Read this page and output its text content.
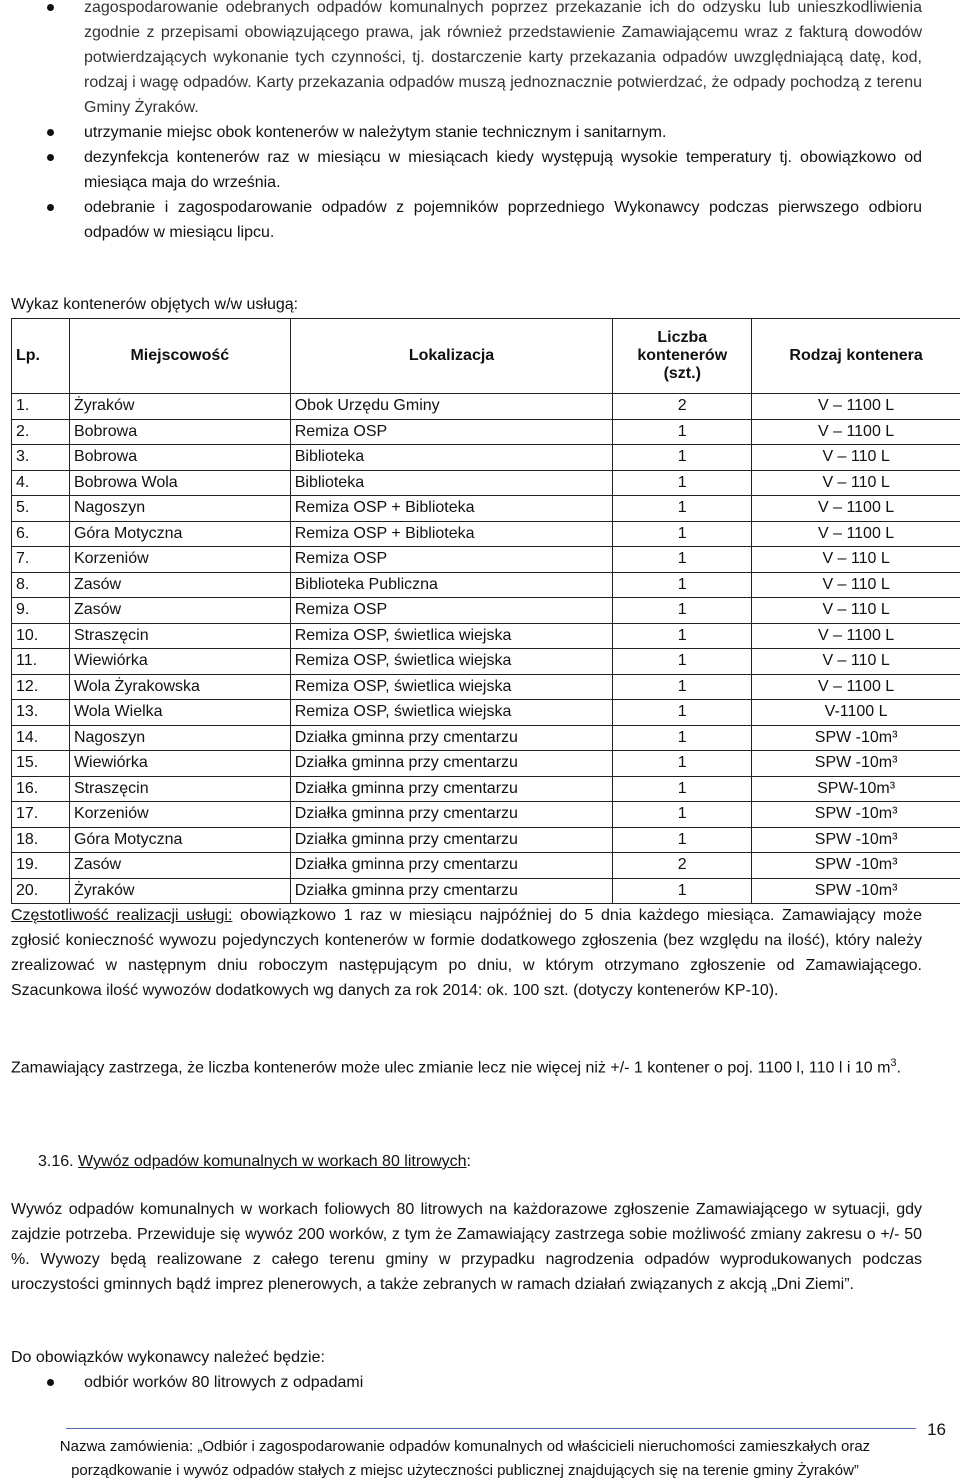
zagospodarowanie odebranych odpadów komunalnych poprzez przekazanie ich do odzysku lub unieszkodliwienia zgodnie z przepisami obowiązującego prawa, jak również przedstawienie Zamawiającemu wraz z fakturą dowodów potwierdzających wykonanie tych czynności, tj. dostarczenie karty przekazania odpadów uwzględniającą datę, kod, rodzaj i wagę odpadów. Karty przekazania odpadów muszą jednoznacznie potwierdzać, że odpady pochodzą z terenu Gminy Żyraków.
utrzymanie miejsc obok kontenerów w należytym stanie technicznym i sanitarnym.
dezynfekcja kontenerów raz w miesiącu w miesiącach kiedy występują wysokie temperatury tj. obowiązkowo od miesiąca maja do września.
odebranie i zagospodarowanie odpadów z pojemników poprzedniego Wykonawcy podczas pierwszego odbioru odpadów w miesiącu lipcu.
Wykaz kontenerów objętych w/w usługą:
Lp.	Miejscowość	Lokalizacja	Liczba kontenerów (szt.)	Rodzaj kontenera
1.	Żyraków	Obok Urzędu Gminy	2	V – 1100 L
2.	Bobrowa	Remiza OSP	1	V – 1100 L
3.	Bobrowa	Biblioteka	1	V – 110 L
4.	Bobrowa Wola	Biblioteka	1	V – 110 L
5.	Nagoszyn	Remiza OSP + Biblioteka	1	V – 1100 L
6.	Góra Motyczna	Remiza OSP + Biblioteka	1	V – 1100 L
7.	Korzeniów	Remiza OSP	1	V – 110 L
8.	Zasów	Biblioteka Publiczna	1	V – 110 L
9.	Zasów	Remiza OSP	1	V – 110 L
10.	Straszęcin	Remiza OSP, świetlica wiejska	1	V – 1100 L
11.	Wiewiórka	Remiza OSP, świetlica wiejska	1	V – 110 L
12.	Wola Żyrakowska	Remiza OSP, świetlica wiejska	1	V – 1100 L
13.	Wola Wielka	Remiza OSP, świetlica wiejska	1	V-1100 L
14.	Nagoszyn	Działka gminna przy cmentarzu	1	SPW -10m³
15.	Wiewiórka	Działka gminna przy cmentarzu	1	SPW -10m³
16.	Straszęcin	Działka gminna przy cmentarzu	1	SPW-10m³
17.	Korzeniów	Działka gminna przy cmentarzu	1	SPW -10m³
18.	Góra Motyczna	Działka gminna przy cmentarzu	1	SPW -10m³
19.	Zasów	Działka gminna przy cmentarzu	2	SPW -10m³
20.	Żyraków	Działka gminna przy cmentarzu	1	SPW -10m³
Częstotliwość realizacji usługi: obowiązkowo 1 raz w miesiącu najpóźniej do 5 dnia każdego miesiąca. Zamawiający może zgłosić konieczność wywozu pojedynczych kontenerów w formie dodatkowego zgłoszenia (bez względu na ilość), który należy zrealizować w następnym dniu roboczym następującym po dniu, w którym otrzymano zgłoszenie od Zamawiającego. Szacunkowa ilość wywozów dodatkowych wg danych za rok 2014: ok. 100 szt. (dotyczy kontenerów KP-10).
Zamawiający zastrzega, że liczba kontenerów może ulec zmianie lecz nie więcej niż +/- 1 kontener o poj. 1100 l, 110 l i 10 $m^3$.
3.16. Wywóz odpadów komunalnych w workach 80 litrowych:
Wywóz odpadów komunalnych w workach foliowych 80 litrowych na każdorazowe zgłoszenie Zamawiającego w sytuacji, gdy zajdzie potrzeba. Przewiduje się wywóz 200 worków, z tym że Zamawiający zastrzega sobie możliwość zmiany zakresu o +/- 50 %. Wywozy będą realizowane z całego terenu gminy w przypadku nagrodzenia odpadów wyprodukowanych podczas uroczystości gminnych bądź imprez plenerowych, a także zebranych w ramach działań związanych z akcją „Dni Ziemi”.
Do obowiązków wykonawcy należeć będzie:
odbiór worków 80 litrowych z odpadami
16
Nazwa zamówienia: „Odbiór i zagospodarowanie odpadów komunalnych od właścicieli nieruchomości zamieszkałych oraz
porządkowanie i wywóz odpadów stałych z miejsc użyteczności publicznej znajdujących się na terenie gminy Żyraków”
